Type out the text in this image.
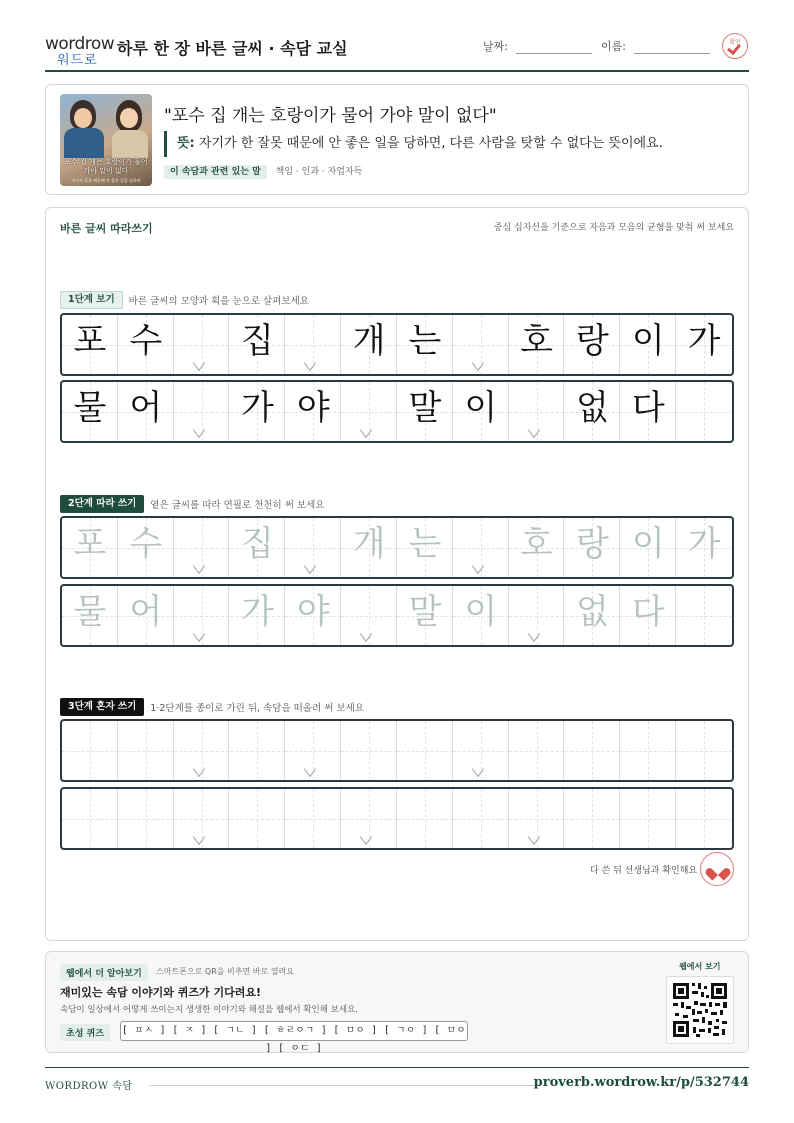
wordrow
워드로
하루 한 장 바른 글씨 · 속담 교실	날짜:	이름:	확인
포수 집 개는 호랑이가 물어 가야 말이 없다
자기가 잘못 때문에 안 좋은 일을 당하면
"포수 집 개는 호랑이가 물어 가야 말이 없다"
뜻: 자기가 한 잘못 때문에 안 좋은 일을 당하면, 다른 사람을 탓할 수 없다는 뜻이에요.
이 속담과 관련 있는 말 책임 · 인과 · 자업자득
바른 글씨 따라쓰기	중심 십자선을 기준으로 자음과 모음의 균형을 맞춰 써 보세요
1단계 보기 바른 글씨의 모양과 획을 눈으로 살펴보세요
포 수	집	개 는	호 랑 이 가
물 어	가 야	말 이	없 다
2단계 따라 쓰기 옅은 글씨를 따라 연필로 천천히 써 보세요
포 수	집	개 는	호 랑 이 가
물 어	가 야	말 이	없 다
3단계 혼자 쓰기 1·2단계를 종이로 가린 뒤, 속담을 떠올려 써 보세요
다 쓴 뒤 선생님과 확인해요
웹에서 더 알아보기	스마트폰으로 QR을 비추면 바로 열려요
재미있는 속담 이야기와 퀴즈가 기다려요!
속담이 일상에서 어떻게 쓰이는지 생생한 이야기와 해설을 웹에서 확인해 보세요.
초성 퀴즈	[ ㅍㅅ ] [ ㅈ ] [ ㄱㄴ ] [ ㅎㄹㅇㄱ ] [ ㅁㅇ ] [ ㄱㅇ ] [ ㅁㅇ ] [ ㅇㄷ ]
웹에서 보기
WORDROW 속담	proverb.wordrow.kr/p/532744
